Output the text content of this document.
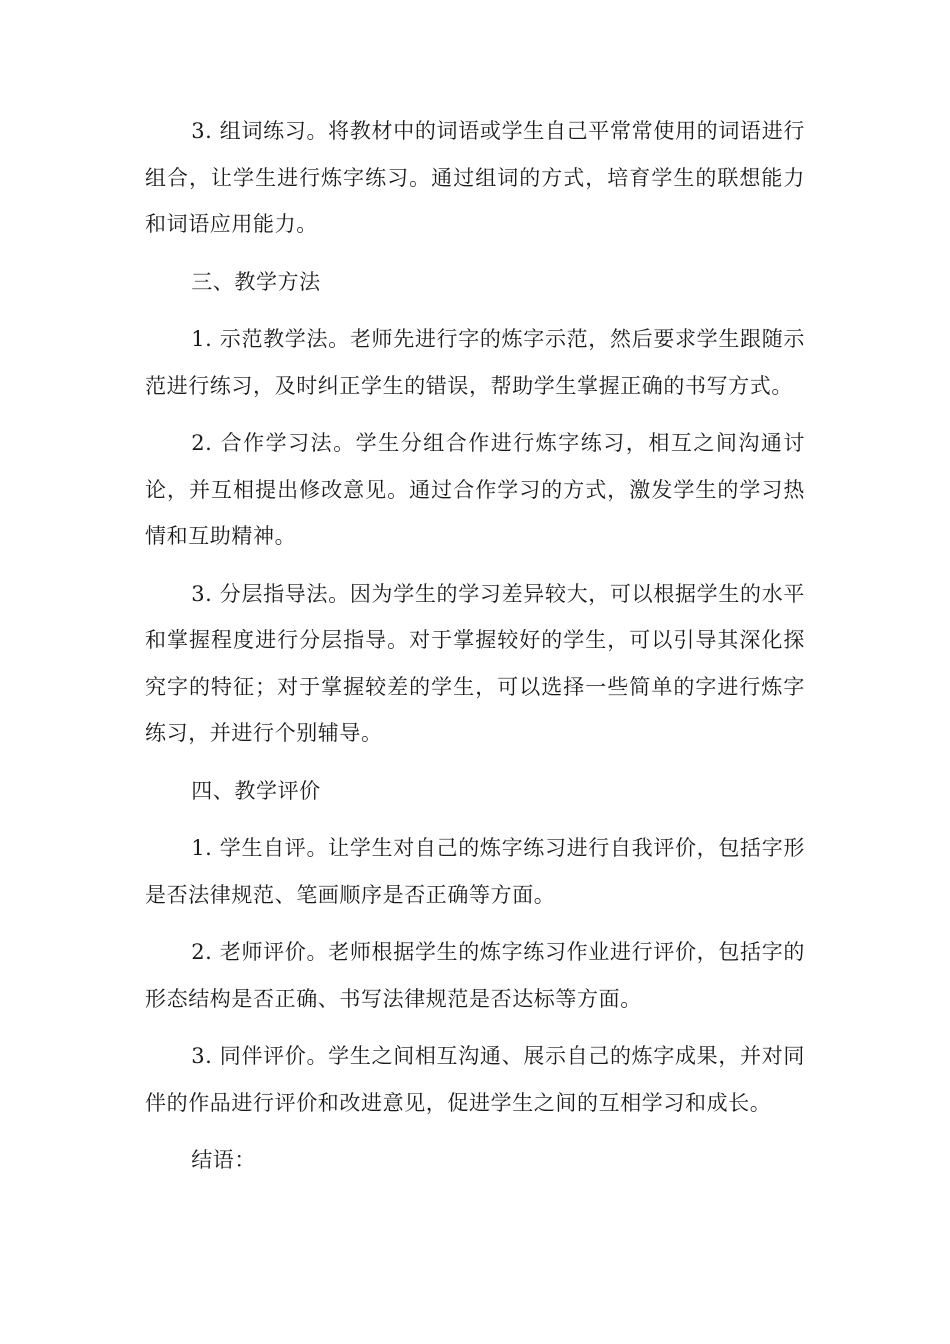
3. 组词练习。将教材中的词语或学生自己平常常使用的词语进行组合，让学生进行炼字练习。通过组词的方式，培育学生的联想能力和词语应用能力。

三、教学方法

1. 示范教学法。老师先进行字的炼字示范，然后要求学生跟随示范进行练习，及时纠正学生的错误，帮助学生掌握正确的书写方式。

2. 合作学习法。学生分组合作进行炼字练习，相互之间沟通讨论，并互相提出修改意见。通过合作学习的方式，激发学生的学习热情和互助精神。

3. 分层指导法。因为学生的学习差异较大，可以根据学生的水平和掌握程度进行分层指导。对于掌握较好的学生，可以引导其深化探究字的特征；对于掌握较差的学生，可以选择一些简单的字进行炼字练习，并进行个别辅导。

四、教学评价

1. 学生自评。让学生对自己的炼字练习进行自我评价，包括字形是否法律规范、笔画顺序是否正确等方面。

2. 老师评价。老师根据学生的炼字练习作业进行评价，包括字的形态结构是否正确、书写法律规范是否达标等方面。

3. 同伴评价。学生之间相互沟通、展示自己的炼字成果，并对同伴的作品进行评价和改进意见，促进学生之间的互相学习和成长。

结语：
